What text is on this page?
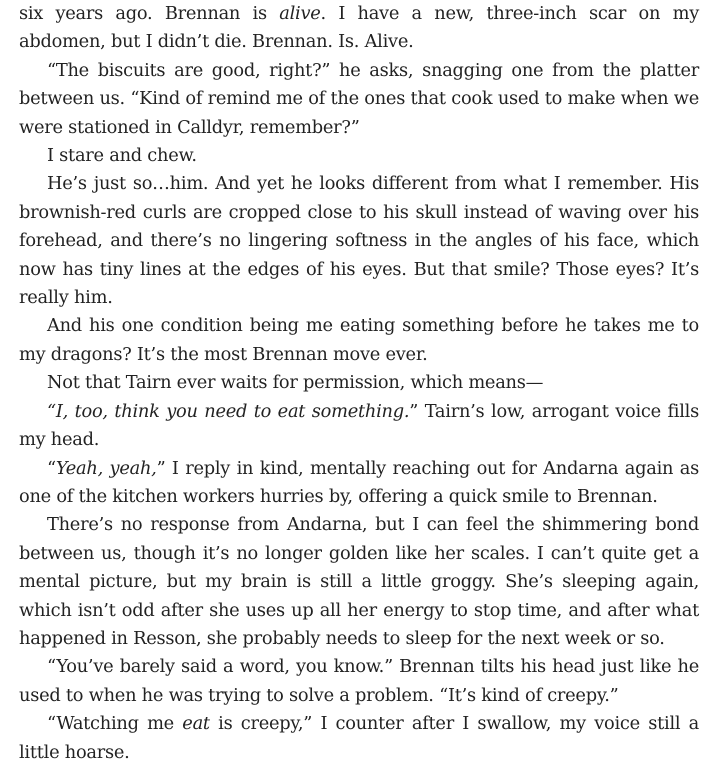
six years ago. Brennan is alive. I have a new, three-inch scar on my abdomen, but I didn’t die. Brennan. Is. Alive.

“The biscuits are good, right?” he asks, snagging one from the platter between us. “Kind of remind me of the ones that cook used to make when we were stationed in Calldyr, remember?”

I stare and chew.

He’s just so…him. And yet he looks different from what I remember. His brownish-red curls are cropped close to his skull instead of waving over his forehead, and there’s no lingering softness in the angles of his face, which now has tiny lines at the edges of his eyes. But that smile? Those eyes? It’s really him.

And his one condition being me eating something before he takes me to my dragons? It’s the most Brennan move ever.

Not that Tairn ever waits for permission, which means—

“I, too, think you need to eat something.” Tairn’s low, arrogant voice fills my head.

“Yeah, yeah,” I reply in kind, mentally reaching out for Andarna again as one of the kitchen workers hurries by, offering a quick smile to Brennan.

There’s no response from Andarna, but I can feel the shimmering bond between us, though it’s no longer golden like her scales. I can’t quite get a mental picture, but my brain is still a little groggy. She’s sleeping again, which isn’t odd after she uses up all her energy to stop time, and after what happened in Resson, she probably needs to sleep for the next week or so.

“You’ve barely said a word, you know.” Brennan tilts his head just like he used to when he was trying to solve a problem. “It’s kind of creepy.”

“Watching me eat is creepy,” I counter after I swallow, my voice still a little hoarse.
